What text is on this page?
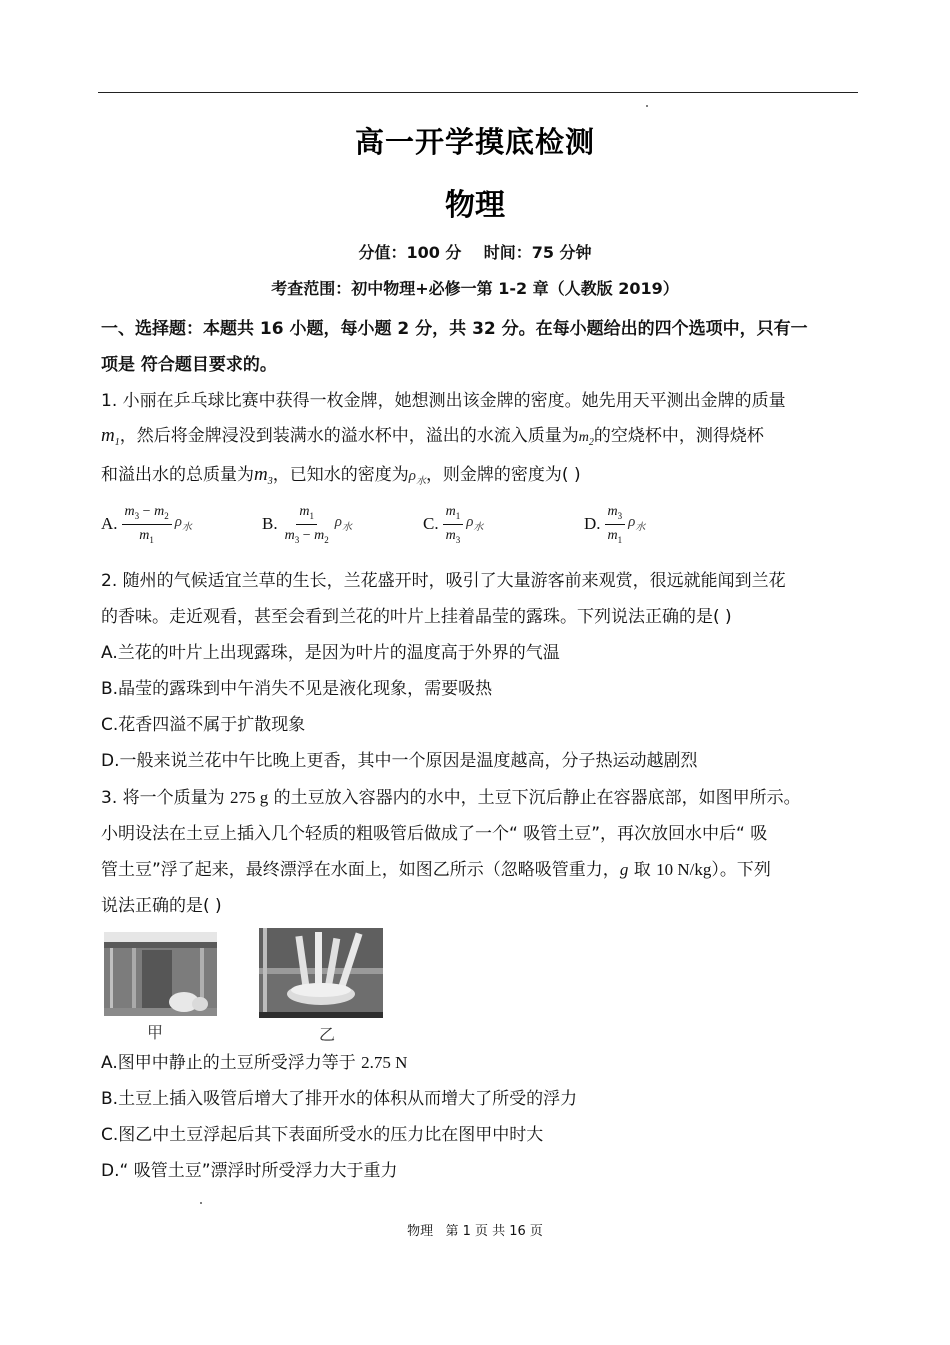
高一开学摸底检测
物理
分值：100 分    时间：75 分钟
考查范围：初中物理+必修一第 1-2 章（人教版 2019）
一、选择题：本题共 16 小题，每小题 2 分，共 32 分。在每小题给出的四个选项中，只有一
项是 符合题目要求的。
1. 小丽在乒乓球比赛中获得一枚金牌，她想测出该金牌的密度。她先用天平测出金牌的质量
$m_1$，然后将金牌浸没到装满水的溢水杯中，溢出的水流入质量为$m_2$的空烧杯中，测得烧杯
和溢出水的总质量为$m_3$，已知水的密度为$\rho_水$，则金牌的密度为( )
A. $\frac{m_3 - m_2}{m_1} \rho_水$	B. $\frac{m_1}{m_3 - m_2} \rho_水$	C. $\frac{m_1}{m_3} \rho_水$	D. $\frac{m_3}{m_1} \rho_水$
2. 随州的气候适宜兰草的生长，兰花盛开时，吸引了大量游客前来观赏，很远就能闻到兰花
的香味。走近观看，甚至会看到兰花的叶片上挂着晶莹的露珠。下列说法正确的是( )
A.兰花的叶片上出现露珠，是因为叶片的温度高于外界的气温
B.晶莹的露珠到中午消失不见是液化现象，需要吸热
C.花香四溢不属于扩散现象
D.一般来说兰花中午比晚上更香，其中一个原因是温度越高，分子热运动越剧烈
3. 将一个质量为 275 g 的土豆放入容器内的水中，土豆下沉后静止在容器底部，如图甲所示。
小明设法在土豆上插入几个轻质的粗吸管后做成了一个“ 吸管土豆”，再次放回水中后“ 吸
管土豆”浮了起来，最终漂浮在水面上，如图乙所示（忽略吸管重力，g 取 10 N/kg）。下列
说法正确的是( )
甲	乙
A.图甲中静止的土豆所受浮力等于 2.75 N
B.土豆上插入吸管后增大了排开水的体积从而增大了所受的浮力
C.图乙中土豆浮起后其下表面所受水的压力比在图甲中时大
D.“ 吸管土豆”漂浮时所受浮力大于重力
物理   第 1 页 共 16 页
